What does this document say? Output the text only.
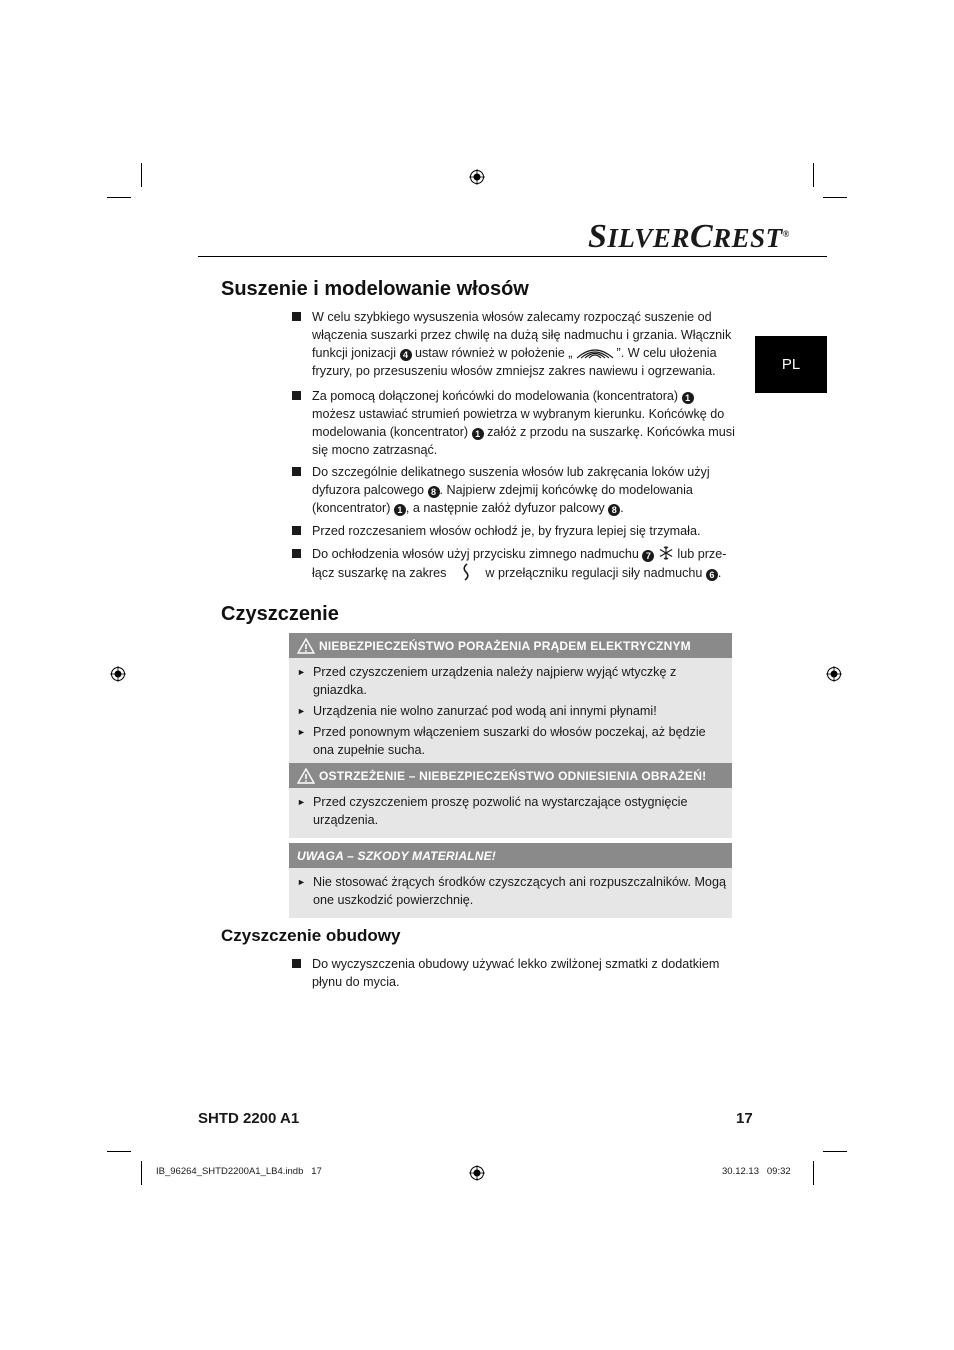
SILVERCREST®
PL
Suszenie i modelowanie włosów
W celu szybkiego wysuszenia włosów zalecamy rozpocząć suszenie od włączenia suszarki przez chwilę na dużą siłę nadmuchu i grzania. Włącznik funkcji jonizacji 4 ustaw również w położenie „	”. W celu ułożenia fryzury, po przesuszeniu włosów zmniejsz zakres nawiewu i ogrzewania.
Za pomocą dołączonej końcówki do modelowania (koncentratora) 1 możesz ustawiać strumień powietrza w wybranym kierunku. Końcówkę do modelowania (koncentrator) 1 załóż z przodu na suszarkę. Końcówka musi się mocno zatrzasnąć.
Do szczególnie delikatnego suszenia włosów lub zakręcania loków użyj dyfuzora palcowego 8 . Najpierw zdejmij końcówkę do modelowania (koncentrator) 1 , a następnie załóż dyfuzor palcowy 8 .
Przed rozczesaniem włosów ochłodź je, by fryzura lepiej się trzymała.
Do ochłodzenia włosów użyj przycisku zimnego nadmuchu 7 lub prze-
łącz suszarkę na zakres	w przełączniku regulacji siły nadmuchu 6 .
Czyszczenie
NIEBEZPIECZEŃSTWO PORAŻENIA PRĄDEM ELEKTRYCZNYM
► Przed czyszczeniem urządzenia należy najpierw wyjąć wtyczkę z gniazdka.
► Urządzenia nie wolno zanurzać pod wodą ani innymi płynami!
► Przed ponownym włączeniem suszarki do włosów poczekaj, aż będzie ona zupełnie sucha.
OSTRZEŻENIE – NIEBEZPIECZEŃSTWO ODNIESIENIA OBRAŻEŃ!
► Przed czyszczeniem proszę pozwolić na wystarczające ostygnięcie urządzenia.
UWAGA – SZKODY MATERIALNE!
► Nie stosować żrących środków czyszczących ani rozpuszczalników. Mogą one uszkodzić powierzchnię.
Czyszczenie obudowy
Do wyczyszczenia obudowy używać lekko zwilżonej szmatki z dodatkiem płynu do mycia.
SHTD 2200 A1	17
IB_96264_SHTD2200A1_LB4.indb   17	30.12.13   09:32
